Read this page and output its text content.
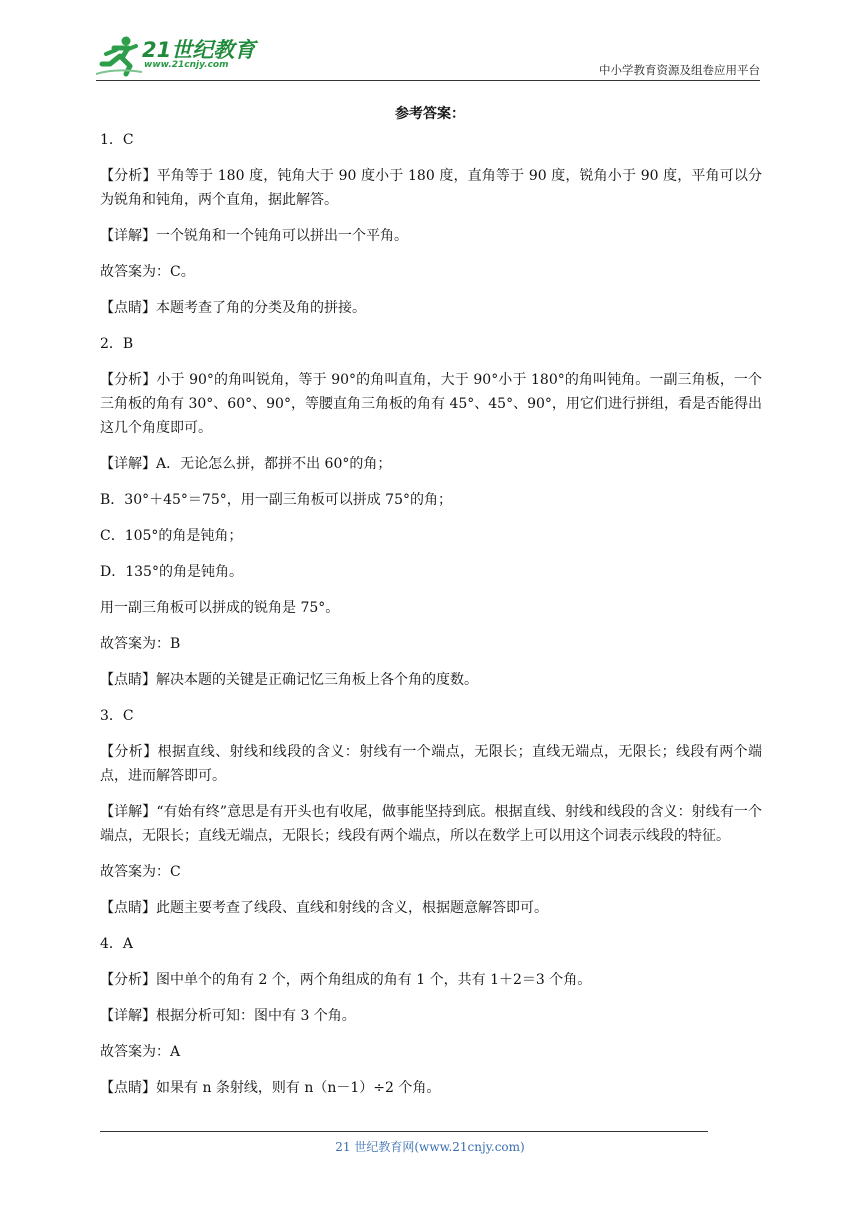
21世纪教育
www.21cnjy.com	中小学教育资源及组卷应用平台
参考答案：

1．C

【分析】平角等于 180 度，钝角大于 90 度小于 180 度，直角等于 90 度，锐角小于 90 度，平角可以分为锐角和钝角，两个直角，据此解答。

【详解】一个锐角和一个钝角可以拼出一个平角。

故答案为：C。

【点睛】本题考查了角的分类及角的拼接。

2．B

【分析】小于 90°的角叫锐角，等于 90°的角叫直角，大于 90°小于 180°的角叫钝角。一副三角板，一个三角板的角有 30°、60°、90°，等腰直角三角板的角有 45°、45°、90°，用它们进行拼组，看是否能得出这几个角度即可。

【详解】A．无论怎么拼，都拼不出 60°的角；

B．30°＋45°＝75°，用一副三角板可以拼成 75°的角；

C．105°的角是钝角；

D．135°的角是钝角。

用一副三角板可以拼成的锐角是 75°。

故答案为：B

【点睛】解决本题的关键是正确记忆三角板上各个角的度数。

3．C

【分析】根据直线、射线和线段的含义：射线有一个端点，无限长；直线无端点，无限长；线段有两个端点，进而解答即可。

【详解】“有始有终”意思是有开头也有收尾，做事能坚持到底。根据直线、射线和线段的含义：射线有一个端点，无限长；直线无端点，无限长；线段有两个端点，所以在数学上可以用这个词表示线段的特征。

故答案为：C

【点睛】此题主要考查了线段、直线和射线的含义，根据题意解答即可。

4．A

【分析】图中单个的角有 2 个，两个角组成的角有 1 个，共有 1＋2＝3 个角。

【详解】根据分析可知：图中有 3 个角。

故答案为：A

【点睛】如果有 n 条射线，则有 n（n－1）÷2 个角。

21 世纪教育网(www.21cnjy.com)
